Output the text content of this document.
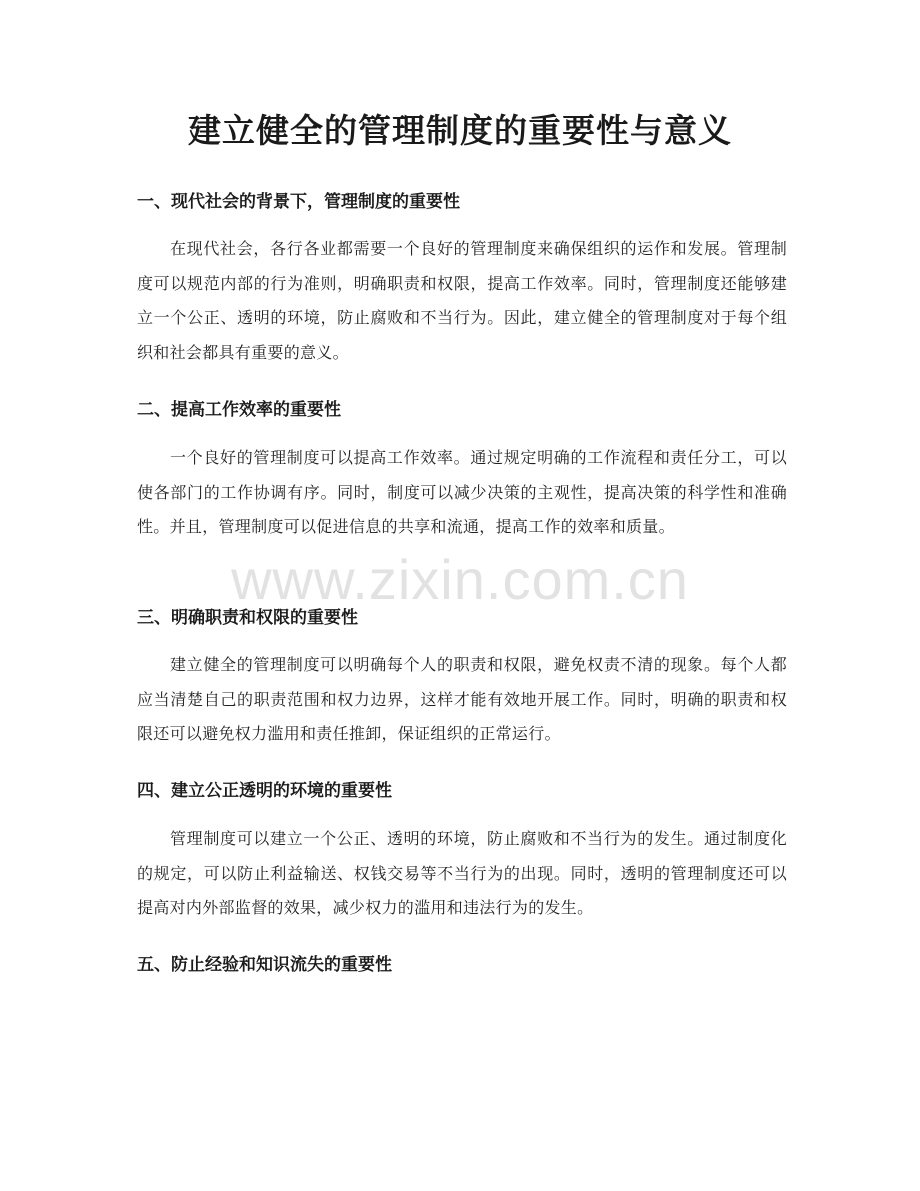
建立健全的管理制度的重要性与意义
一、现代社会的背景下，管理制度的重要性

在现代社会，各行各业都需要一个良好的管理制度来确保组织的运作和发展。管理制度可以规范内部的行为准则，明确职责和权限，提高工作效率。同时，管理制度还能够建立一个公正、透明的环境，防止腐败和不当行为。因此，建立健全的管理制度对于每个组织和社会都具有重要的意义。

二、提高工作效率的重要性

一个良好的管理制度可以提高工作效率。通过规定明确的工作流程和责任分工，可以使各部门的工作协调有序。同时，制度可以减少决策的主观性，提高决策的科学性和准确性。并且，管理制度可以促进信息的共享和流通，提高工作的效率和质量。

三、明确职责和权限的重要性

建立健全的管理制度可以明确每个人的职责和权限，避免权责不清的现象。每个人都应当清楚自己的职责范围和权力边界，这样才能有效地开展工作。同时，明确的职责和权限还可以避免权力滥用和责任推卸，保证组织的正常运行。

四、建立公正透明的环境的重要性

管理制度可以建立一个公正、透明的环境，防止腐败和不当行为的发生。通过制度化的规定，可以防止利益输送、权钱交易等不当行为的出现。同时，透明的管理制度还可以提高对内外部监督的效果，减少权力的滥用和违法行为的发生。

五、防止经验和知识流失的重要性
www.zixin.com.cn
